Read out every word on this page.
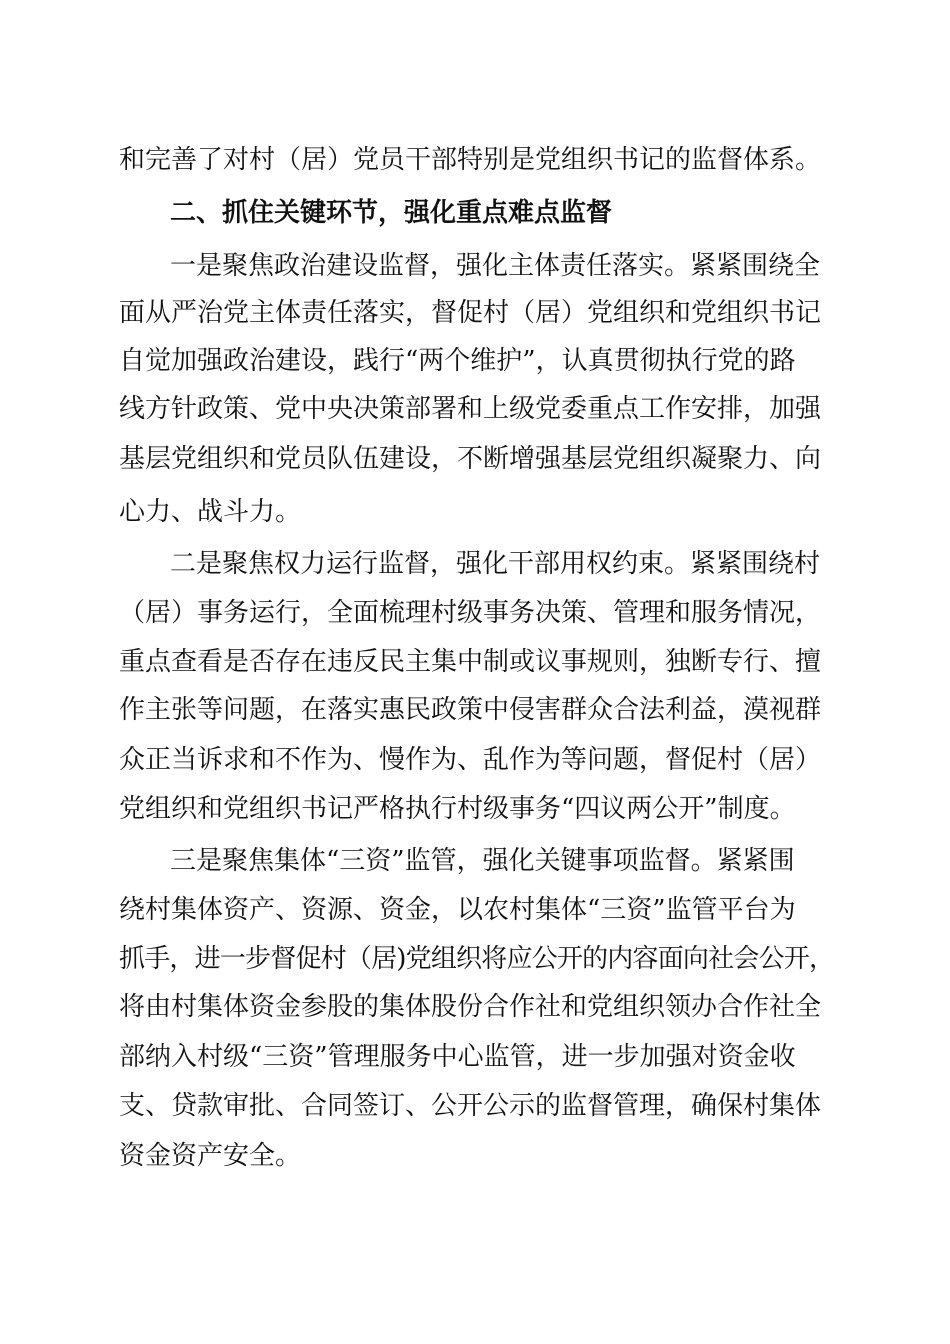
和完善了对村（居）党员干部特别是党组织书记的监督体系。
二、抓住关键环节，强化重点难点监督
一是聚焦政治建设监督，强化主体责任落实。紧紧围绕全
面从严治党主体责任落实，督促村（居）党组织和党组织书记
自觉加强政治建设，践行“两个维护”，认真贯彻执行党的路
线方针政策、党中央决策部署和上级党委重点工作安排，加强
基层党组织和党员队伍建设，不断增强基层党组织凝聚力、向
心力、战斗力。
二是聚焦权力运行监督，强化干部用权约束。紧紧围绕村
（居）事务运行，全面梳理村级事务决策、管理和服务情况，
重点查看是否存在违反民主集中制或议事规则，独断专行、擅
作主张等问题，在落实惠民政策中侵害群众合法利益，漠视群
众正当诉求和不作为、慢作为、乱作为等问题，督促村（居）
党组织和党组织书记严格执行村级事务“四议两公开”制度。
三是聚焦集体“三资”监管，强化关键事项监督。紧紧围
绕村集体资产、资源、资金，以农村集体“三资”监管平台为
抓手，进一步督促村（居)党组织将应公开的内容面向社会公开，
将由村集体资金参股的集体股份合作社和党组织领办合作社全
部纳入村级“三资”管理服务中心监管，进一步加强对资金收
支、贷款审批、合同签订、公开公示的监督管理，确保村集体
资金资产安全。
